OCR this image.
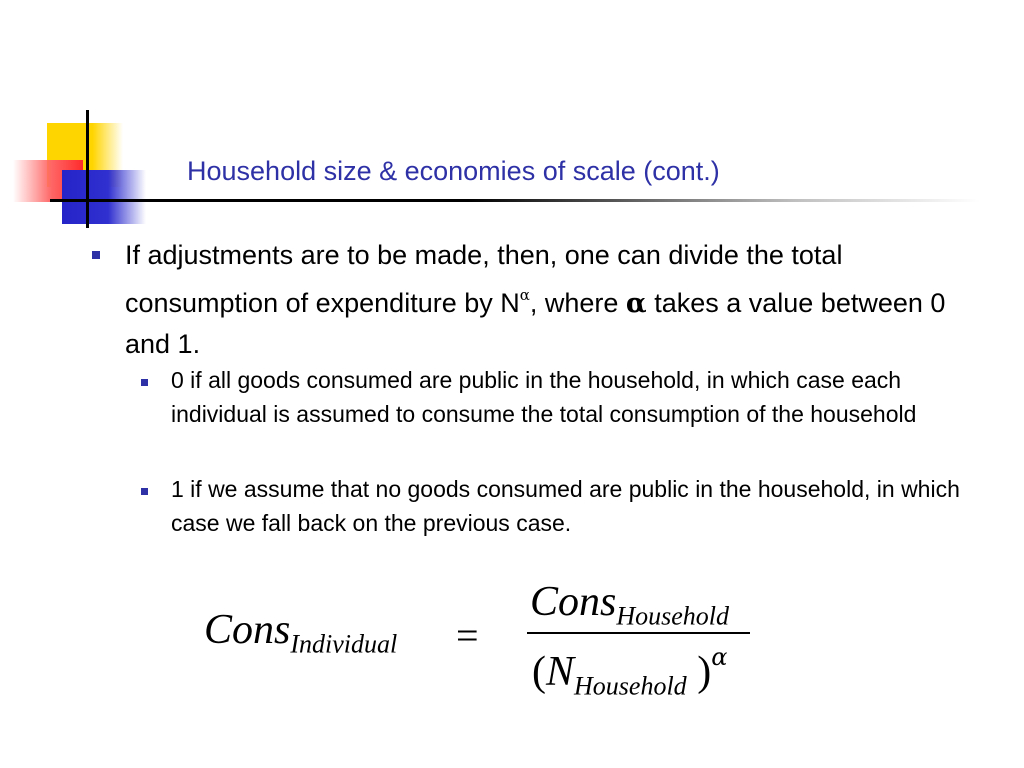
Household size & economies of scale (cont.)
If adjustments are to be made, then, one can divide the total consumption of expenditure by $N^\alpha$, where α takes a value between 0 and 1.
0 if all goods consumed are public in the household, in which case each individual is assumed to consume the total consumption of the household
1 if we assume that no goods consumed are public in the household, in which case we fall back on the previous case.
Cons$_{Individual}$ =
Cons$_{Household}$
($N_{Household}$ )$^\alpha$
